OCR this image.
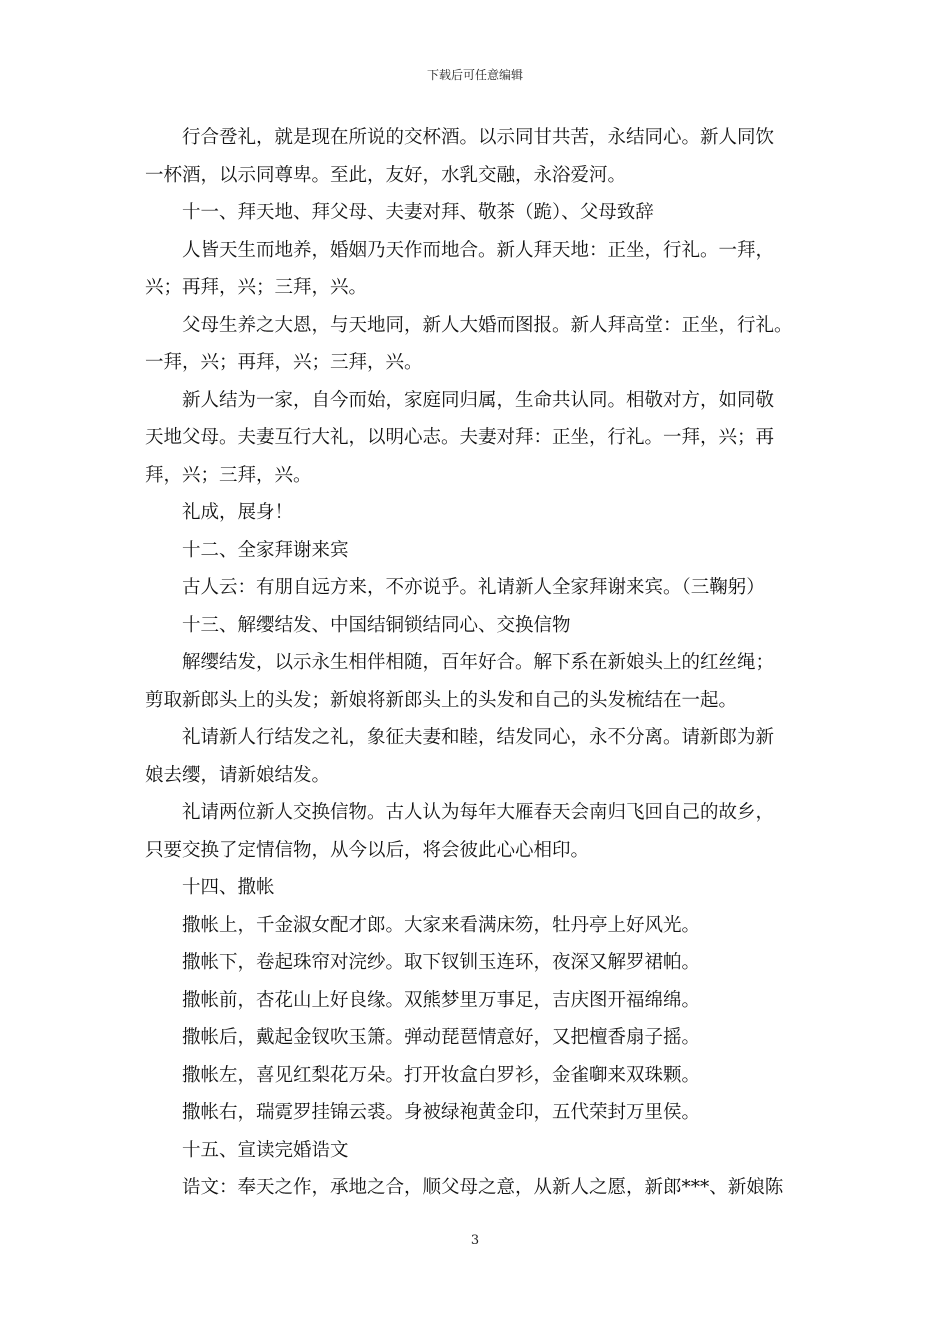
下载后可任意编辑
行合卺礼，就是现在所说的交杯酒。以示同甘共苦，永结同心。新人同饮
一杯酒，以示同尊卑。至此，友好，水乳交融，永浴爱河。
十一、拜天地、拜父母、夫妻对拜、敬茶（跪）、父母致辞
人皆天生而地养，婚姻乃天作而地合。新人拜天地：正坐，行礼。一拜，
兴；再拜，兴；三拜，兴。
父母生养之大恩，与天地同，新人大婚而图报。新人拜高堂：正坐，行礼。
一拜，兴；再拜，兴；三拜，兴。
新人结为一家，自今而始，家庭同归属，生命共认同。相敬对方，如同敬
天地父母。夫妻互行大礼，以明心志。夫妻对拜：正坐，行礼。一拜，兴；再
拜，兴；三拜，兴。
礼成，展身！
十二、全家拜谢来宾
古人云：有朋自远方来，不亦说乎。礼请新人全家拜谢来宾。（三鞠躬）
十三、解缨结发、中国结铜锁结同心、交换信物
解缨结发，以示永生相伴相随，百年好合。解下系在新娘头上的红丝绳；
剪取新郎头上的头发；新娘将新郎头上的头发和自己的头发梳结在一起。
礼请新人行结发之礼，象征夫妻和睦，结发同心，永不分离。请新郎为新
娘去缨，请新娘结发。
礼请两位新人交换信物。古人认为每年大雁春天会南归飞回自己的故乡，
只要交换了定情信物，从今以后，将会彼此心心相印。
十四、撒帐
撒帐上，千金淑女配才郎。大家来看满床笏，牡丹亭上好风光。
撒帐下，卷起珠帘对浣纱。取下钗钏玉连环，夜深又解罗裙帕。
撒帐前，杏花山上好良缘。双熊梦里万事足，吉庆图开福绵绵。
撒帐后，戴起金钗吹玉箫。弹动琵琶情意好，又把檀香扇子摇。
撒帐左，喜见红梨花万朵。打开妆盒白罗衫，金雀啣来双珠颗。
撒帐右，瑞霓罗挂锦云裘。身被绿袍黄金印，五代荣封万里侯。
十五、宣读完婚诰文
诰文：奉天之作，承地之合，顺父母之意，从新人之愿，新郎***、新娘陈
3
